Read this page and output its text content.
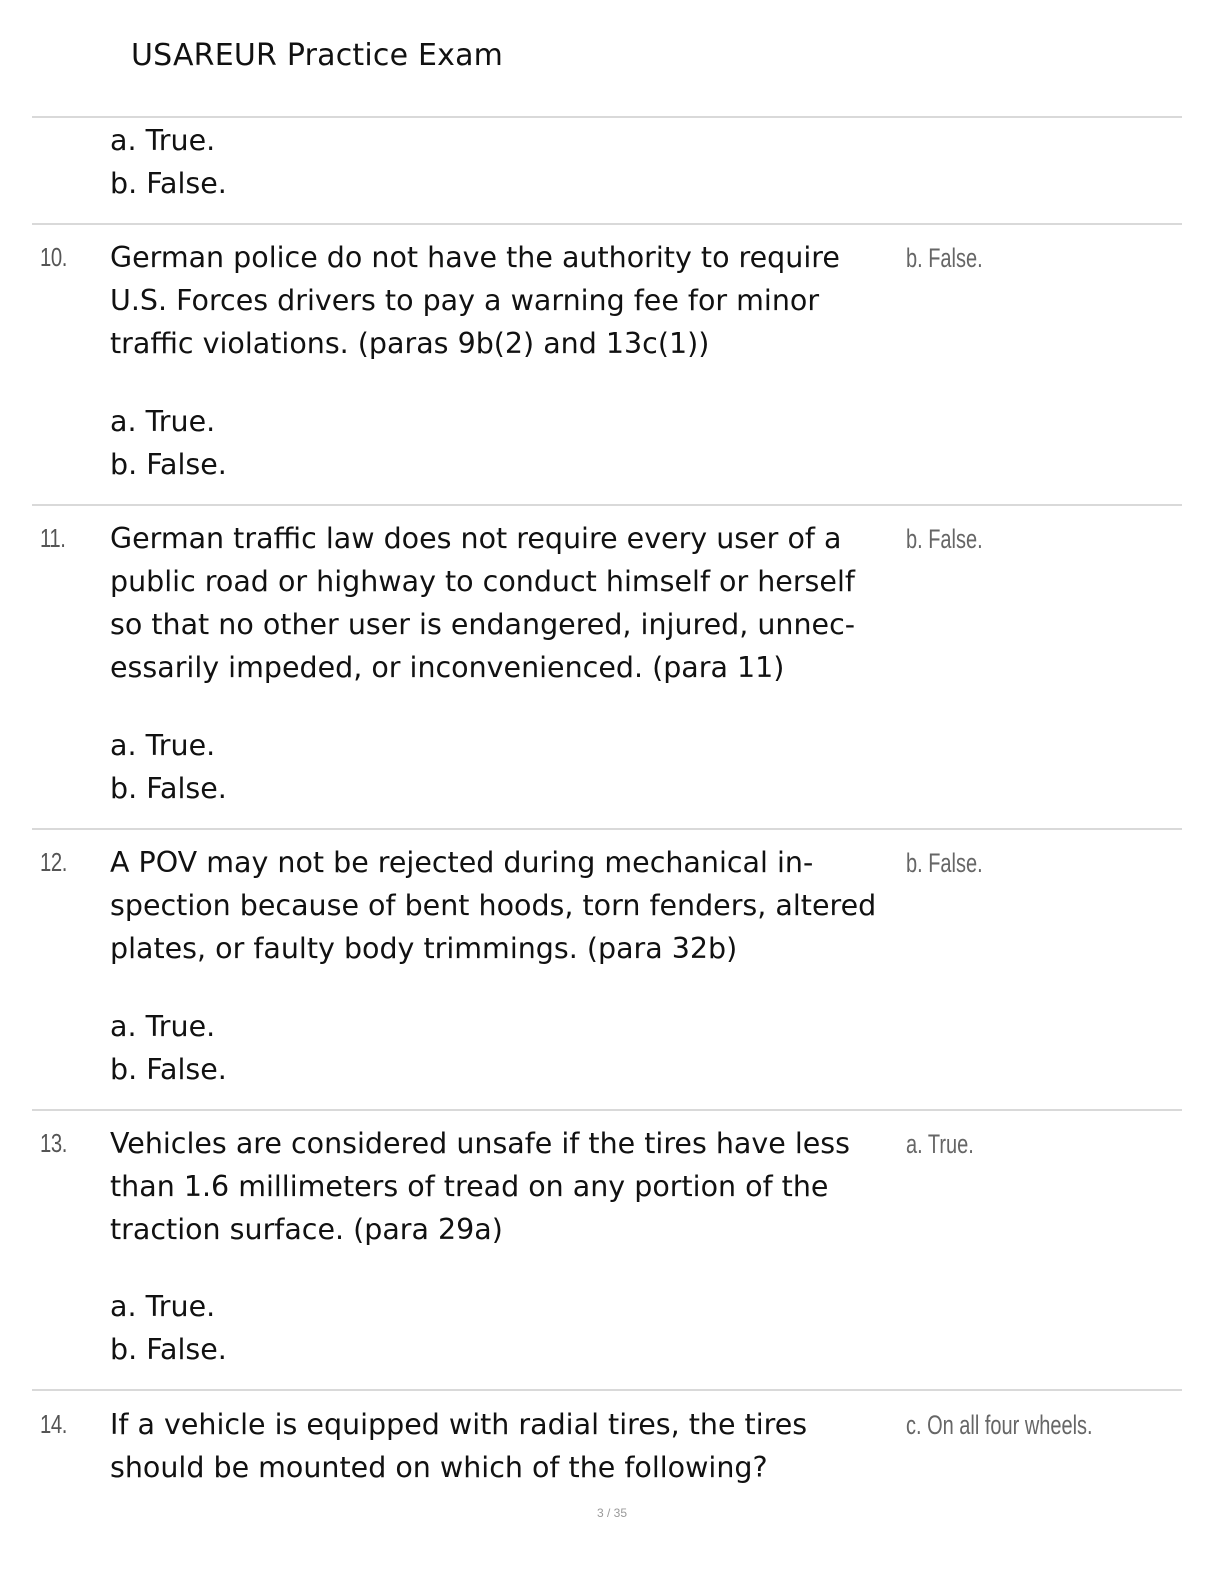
USAREUR Practice Exam
a. True.
b. False.
10. German police do not have the authority to require
U.S. Forces drivers to pay a warning fee for minor
traffic violations. (paras 9b(2) and 13c(1))
b. False.
a. True.
b. False.
11. German traffic law does not require every user of a
public road or highway to conduct himself or herself
so that no other user is endangered, injured, unnec-
essarily impeded, or inconvenienced. (para 11)
b. False.
a. True.
b. False.
12. A POV may not be rejected during mechanical in-
spection because of bent hoods, torn fenders, altered
plates, or faulty body trimmings. (para 32b)
b. False.
a. True.
b. False.
13. Vehicles are considered unsafe if the tires have less
than 1.6 millimeters of tread on any portion of the
traction surface. (para 29a)
a. True.
a. True.
b. False.
14. If a vehicle is equipped with radial tires, the tires
should be mounted on which of the following?
c. On all four wheels.
3 / 35
